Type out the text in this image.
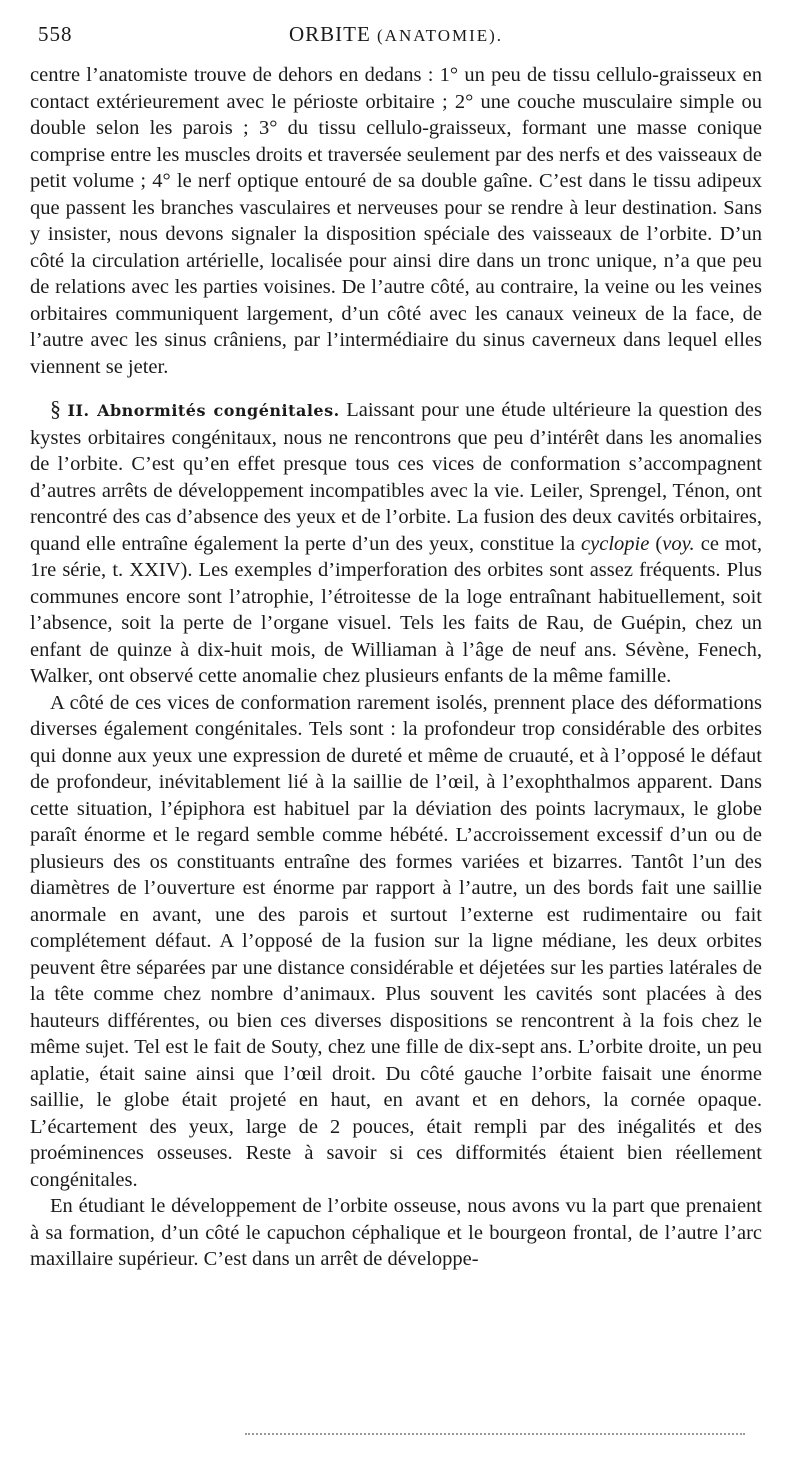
558	ORBITE (ANATOMIE).

centre l’anatomiste trouve de dehors en dedans : 1° un peu de tissu cellulo-graisseux en contact extérieurement avec le périoste orbitaire ; 2° une couche musculaire simple ou double selon les parois ; 3° du tissu cellulo-graisseux, formant une masse conique comprise entre les muscles droits et traversée seulement par des nerfs et des vaisseaux de petit volume ; 4° le nerf optique entouré de sa double gaîne. C’est dans le tissu adipeux que passent les branches vasculaires et nerveuses pour se rendre à leur destination. Sans y insister, nous devons signaler la disposition spéciale des vaisseaux de l’orbite. D’un côté la circulation artérielle, localisée pour ainsi dire dans un tronc unique, n’a que peu de relations avec les parties voisines. De l’autre côté, au contraire, la veine ou les veines orbitaires communiquent largement, d’un côté avec les canaux veineux de la face, de l’autre avec les sinus crâniens, par l’intermédiaire du sinus caverneux dans lequel elles viennent se jeter.

§ II. Abnormités congénitales. Laissant pour une étude ultérieure la question des kystes orbitaires congénitaux, nous ne rencontrons que peu d’intérêt dans les anomalies de l’orbite. C’est qu’en effet presque tous ces vices de conformation s’accompagnent d’autres arrêts de développement incompatibles avec la vie. Leiler, Sprengel, Ténon, ont rencontré des cas d’absence des yeux et de l’orbite. La fusion des deux cavités orbitaires, quand elle entraîne également la perte d’un des yeux, constitue la cyclopie (voy. ce mot, 1re série, t. XXIV). Les exemples d’imperforation des orbites sont assez fréquents. Plus communes encore sont l’atrophie, l’étroitesse de la loge entraînant habituellement, soit l’absence, soit la perte de l’organe visuel. Tels les faits de Rau, de Guépin, chez un enfant de quinze à dix-huit mois, de Williaman à l’âge de neuf ans. Sévène, Fenech, Walker, ont observé cette anomalie chez plusieurs enfants de la même famille.

A côté de ces vices de conformation rarement isolés, prennent place des déformations diverses également congénitales. Tels sont : la profondeur trop considérable des orbites qui donne aux yeux une expression de dureté et même de cruauté, et à l’opposé le défaut de profondeur, inévitablement lié à la saillie de l’œil, à l’exophthalmos apparent. Dans cette situation, l’épiphora est habituel par la déviation des points lacrymaux, le globe paraît énorme et le regard semble comme hébété. L’accroissement excessif d’un ou de plusieurs des os constituants entraîne des formes variées et bizarres. Tantôt l’un des diamètres de l’ouverture est énorme par rapport à l’autre, un des bords fait une saillie anormale en avant, une des parois et surtout l’externe est rudimentaire ou fait complétement défaut. A l’opposé de la fusion sur la ligne médiane, les deux orbites peuvent être séparées par une distance considérable et déjetées sur les parties latérales de la tête comme chez nombre d’animaux. Plus souvent les cavités sont placées à des hauteurs différentes, ou bien ces diverses dispositions se rencontrent à la fois chez le même sujet. Tel est le fait de Souty, chez une fille de dix-sept ans. L’orbite droite, un peu aplatie, était saine ainsi que l’œil droit. Du côté gauche l’orbite faisait une énorme saillie, le globe était projeté en haut, en avant et en dehors, la cornée opaque. L’écartement des yeux, large de 2 pouces, était rempli par des inégalités et des proéminences osseuses. Reste à savoir si ces difformités étaient bien réellement congénitales.

En étudiant le développement de l’orbite osseuse, nous avons vu la part que prenaient à sa formation, d’un côté le capuchon céphalique et le bourgeon frontal, de l’autre l’arc maxillaire supérieur. C’est dans un arrêt de développe-
